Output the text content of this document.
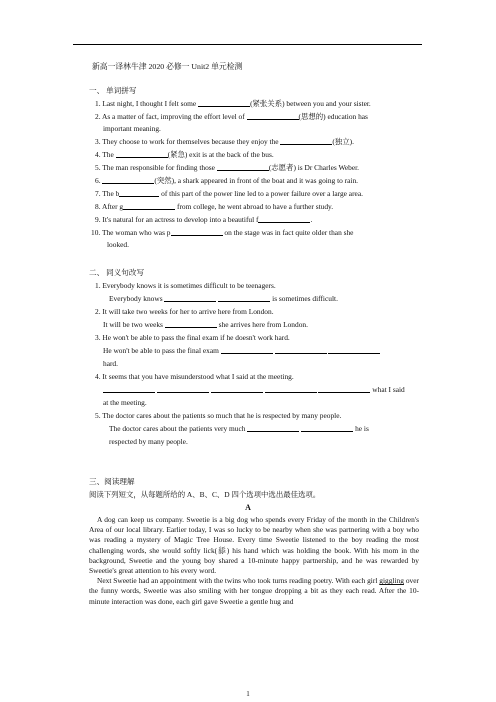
新高一译林牛津 2020 必修一 Unit2 单元检测
一、 单词拼写
1. Last night, I thought I felt some	(紧张关系) between you and your sister.
2. As a matter of fact, improving the effort level of	(思想的) education has
important meaning.
3. They choose to work for themselves because they enjoy the	(独立).
4. The	(紧急) exit is at the back of the bus.
5. The man responsible for finding those	(志愿者) is Dr Charles Weber.
6.	(突然), a shark appeared in front of the boat and it was going to rain.
7. The b	of this part of the power line led to a power failure over a large area.
8. After g	from college, he went abroad to have a further study.
9. It's natural for an actress to develop into a beautiful f	.
10. The woman who was p	on the stage was in fact quite older than she
looked.
二、 同义句改写
1. Everybody knows it is sometimes difficult to be teenagers.
Everybody knows	is sometimes difficult.
2. It will take two weeks for her to arrive here from London.
It will be two weeks	she arrives here from London.
3. He won't be able to pass the final exam if he doesn't work hard.
He won't be able to pass the final exam
hard.
4. It seems that you have misunderstood what I said at the meeting.
what I said
at the meeting.
5. The doctor cares about the patients so much that he is respected by many people.
The doctor cares about the patients very much	he is
respected by many people.
三、阅读理解
阅读下列短文，从每题所给的 A、B、C、D 四个选项中选出最佳选项。
A

A dog can keep us company. Sweetie is a big dog who spends every Friday of the month in the Children's Area of our local library. Earlier today, I was so lucky to be nearby when she was partnering with a boy who was reading a mystery of Magic Tree House. Every time Sweetie listened to the boy reading the most challenging words, she would softly lick(舔) his hand which was holding the book. With his mom in the background, Sweetie and the young boy shared a 10-minute happy partnership, and he was rewarded by Sweetie's great attention to his every word.

Next Sweetie had an appointment with the twins who took turns reading poetry. With each girl giggling over the funny words, Sweetie was also smiling with her tongue dropping a bit as they each read. After the 10-minute interaction was done, each girl gave Sweetie a gentle hug and

1
